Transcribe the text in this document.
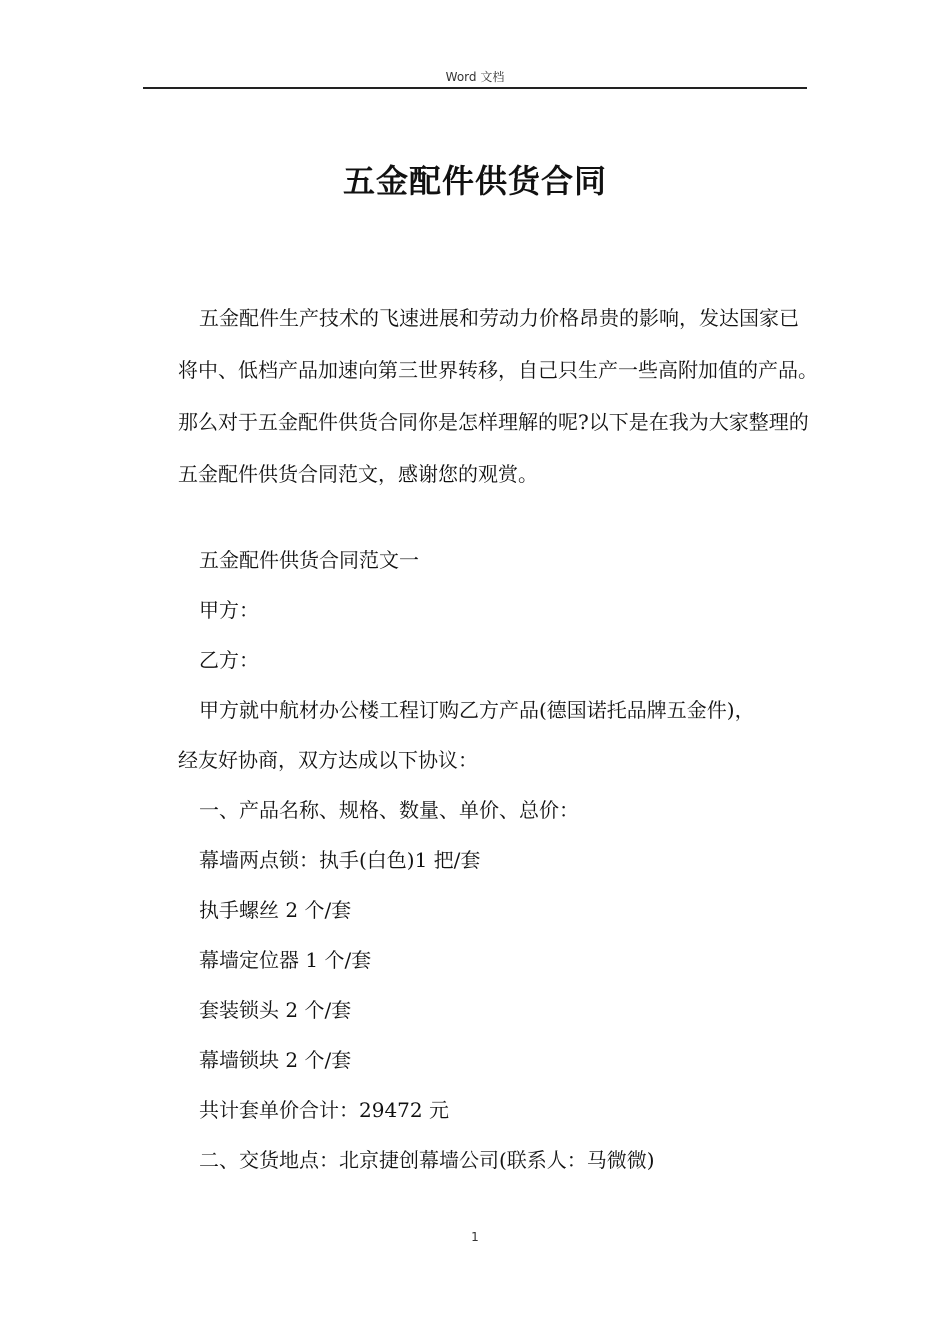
Word 文档
五金配件供货合同

五金配件生产技术的飞速进展和劳动力价格昂贵的影响，发达国家已将中、低档产品加速向第三世界转移，自己只生产一些高附加值的产品。那么对于五金配件供货合同你是怎样理解的呢?以下是在我为大家整理的五金配件供货合同范文，感谢您的观赏。

五金配件供货合同范文一
甲方：
乙方：
甲方就中航材办公楼工程订购乙方产品(德国诺托品牌五金件)，
经友好协商，双方达成以下协议：
一、产品名称、规格、数量、单价、总价：
幕墙两点锁：执手(白色)1 把/套
执手螺丝 2 个/套
幕墙定位器 1 个/套
套装锁头 2 个/套
幕墙锁块 2 个/套
共计套单价合计：29472 元
二、交货地点：北京捷创幕墙公司(联系人：马微微)
1
